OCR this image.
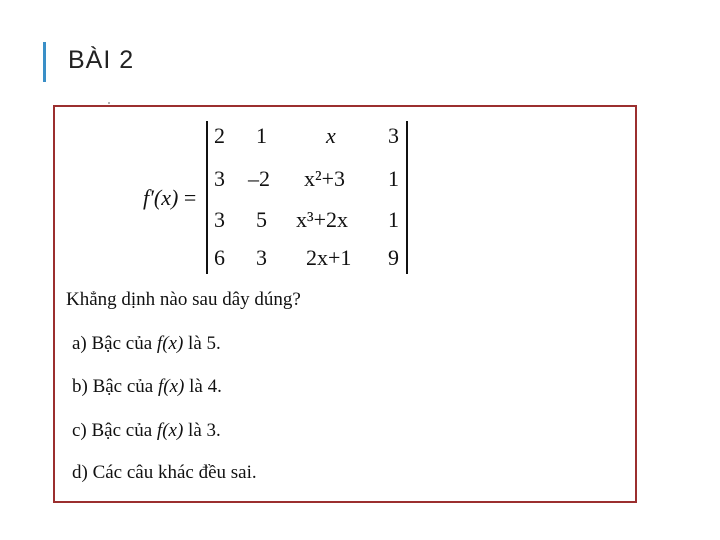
BÀI 2
f′(x) =
2 1	x 3
3 –2 x²+3 1
3 5 x³+2x 1
6 3 2x+1 9
Khẳng dịnh nào sau dây dúng?
a) Bậc của f(x) là 5.
b) Bậc của f(x) là 4.
c) Bậc của f(x) là 3.
d) Các câu khác đều sai.
